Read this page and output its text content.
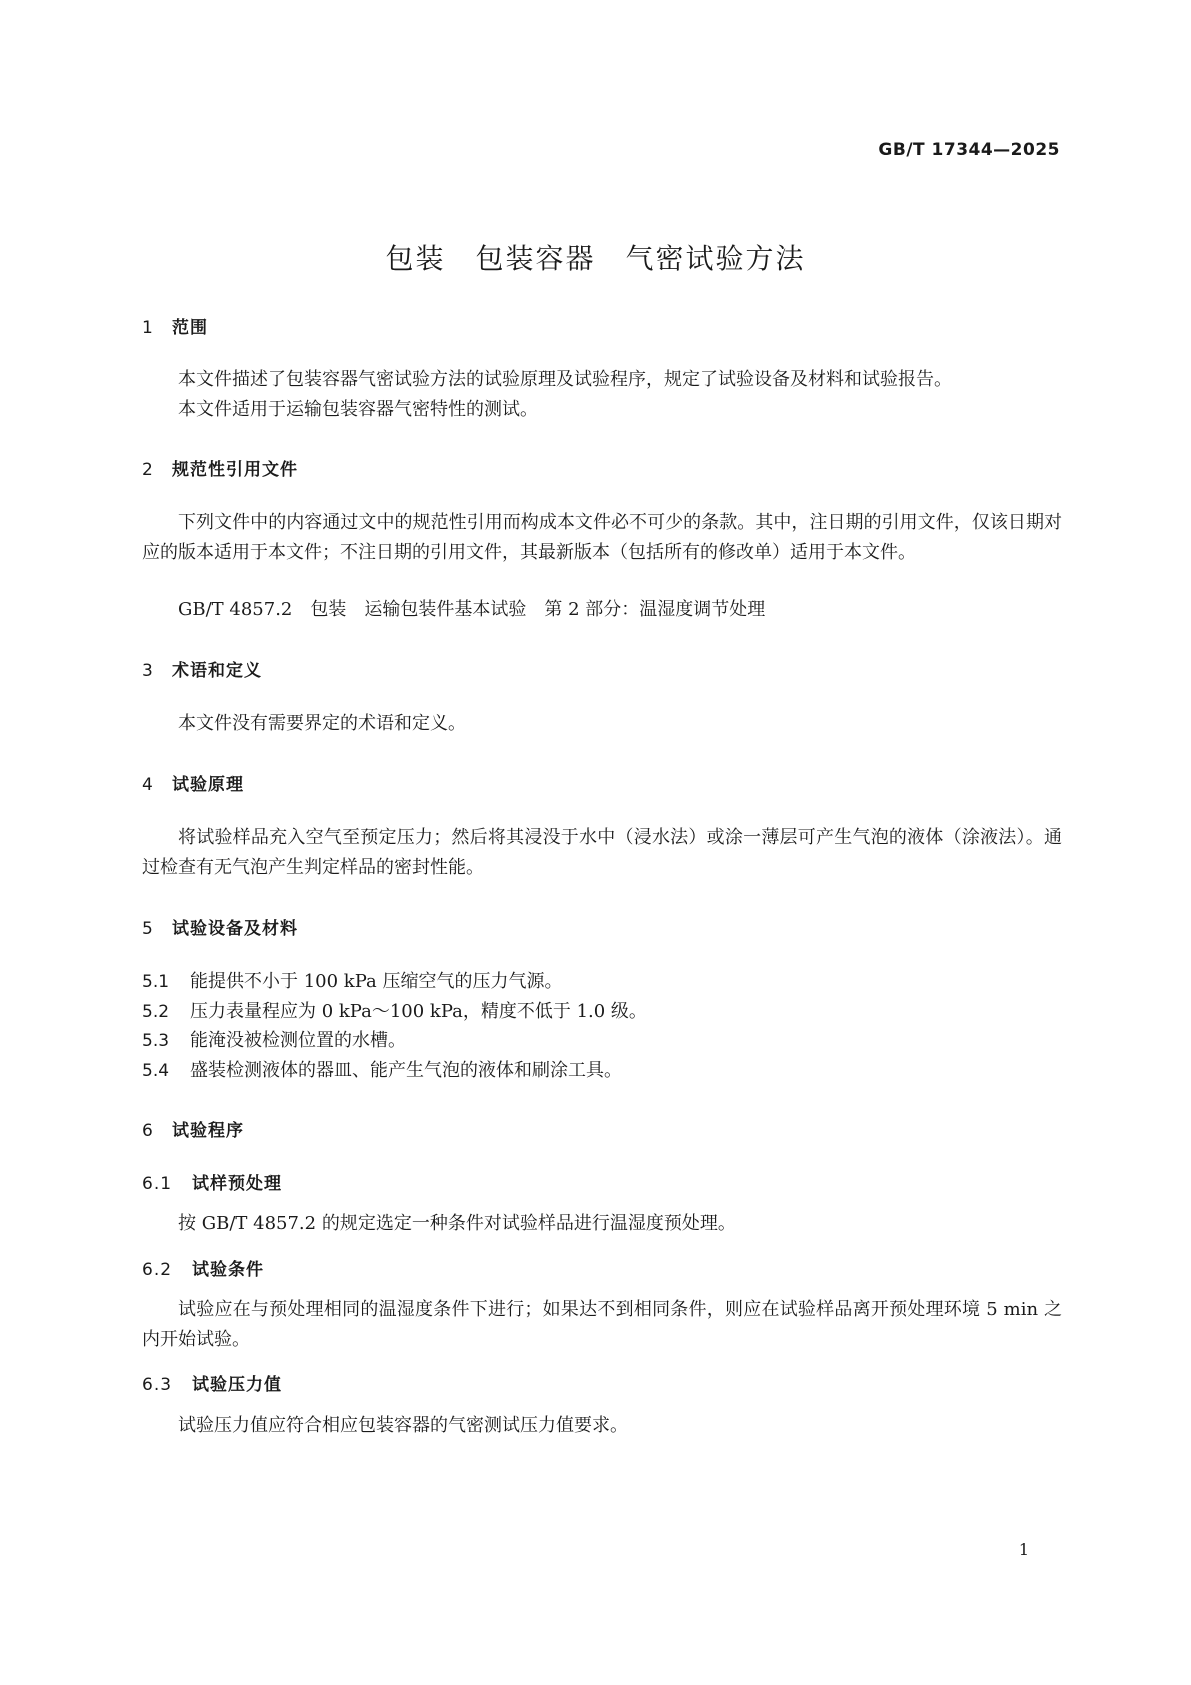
GB/T 17344—2025
包装 包装容器 气密试验方法
1 范围
本文件描述了包装容器气密试验方法的试验原理及试验程序，规定了试验设备及材料和试验报告。
本文件适用于运输包装容器气密特性的测试。
2 规范性引用文件
下列文件中的内容通过文中的规范性引用而构成本文件必不可少的条款。其中，注日期的引用文件，仅该日期对应的版本适用于本文件；不注日期的引用文件，其最新版本（包括所有的修改单）适用于本文件。
GB/T 4857.2　包装　运输包装件基本试验　第 2 部分：温湿度调节处理
3 术语和定义
本文件没有需要界定的术语和定义。
4 试验原理
将试验样品充入空气至预定压力；然后将其浸没于水中（浸水法）或涂一薄层可产生气泡的液体（涂液法）。通过检查有无气泡产生判定样品的密封性能。
5 试验设备及材料
5.1 能提供不小于 100 kPa 压缩空气的压力气源。
5.2 压力表量程应为 0 kPa～100 kPa，精度不低于 1.0 级。
5.3 能淹没被检测位置的水槽。
5.4 盛装检测液体的器皿、能产生气泡的液体和刷涂工具。
6 试验程序
6.1 试样预处理
按 GB/T 4857.2 的规定选定一种条件对试验样品进行温湿度预处理。
6.2 试验条件
试验应在与预处理相同的温湿度条件下进行；如果达不到相同条件，则应在试验样品离开预处理环境 5 min 之内开始试验。
6.3 试验压力值
试验压力值应符合相应包装容器的气密测试压力值要求。
1
